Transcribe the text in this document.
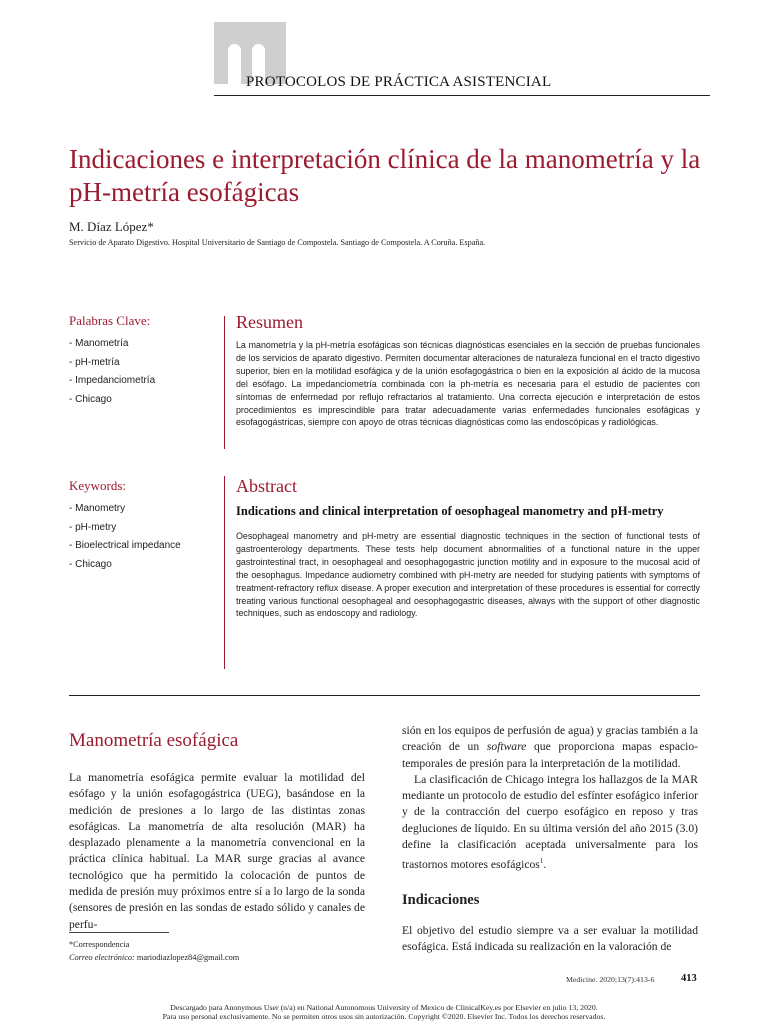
PROTOCOLOS DE PRÁCTICA ASISTENCIAL
Indicaciones e interpretación clínica de la manometría y la pH-metría esofágicas
M. Díaz López*
Servicio de Aparato Digestivo. Hospital Universitario de Santiago de Compostela. Santiago de Compostela. A Coruña. España.
Palabras Clave:
- Manometría
- pH-metría
- Impedanciometría
- Chicago
Keywords:
- Manometry
- pH-metry
- Bioelectrical impedance
- Chicago
Resumen

La manometría y la pH-metría esofágicas son técnicas diagnósticas esenciales en la sección de pruebas funcionales de los servicios de aparato digestivo. Permiten documentar alteraciones de naturaleza funcional en el tracto digestivo superior, bien en la motilidad esofágica y de la unión esofagogástrica o bien en la exposición al ácido de la mucosa del esófago. La impedanciometría combinada con la ph-metría es necesaria para el estudio de pacientes con síntomas de enfermedad por reflujo refractarios al tratamiento. Una correcta ejecución e interpretación de estos procedimientos es imprescindible para tratar adecuadamente varias enfermedades funcionales esofágicas y esofagogástricas, siempre con apoyo de otras técnicas diagnósticas como las endoscópicas y radiológicas.

Abstract
Indications and clinical interpretation of oesophageal manometry and pH-metry

Oesophageal manometry and pH-metry are essential diagnostic techniques in the section of functional tests of gastroenterology departments. These tests help document abnormalities of a functional nature in the upper gastrointestinal tract, in oesophageal and oesophagogastric junction motility and in exposure to the mucosal acid of the oesophagus. Impedance audiometry combined with pH-metry are needed for studying patients with symptoms of treatment-refractory reflux disease. A proper execution and interpretation of these procedures is essential for correctly treating various functional oesophageal and oesophagogastric diseases, always with the support of other diagnostic techniques, such as endoscopy and radiology.

Manometría esofágica

La manometría esofágica permite evaluar la motilidad del esófago y la unión esofagogástrica (UEG), basándose en la medición de presiones a lo largo de las distintas zonas esofágicas. La manometría de alta resolución (MAR) ha desplazado plenamente a la manometría convencional en la práctica clínica habitual. La MAR surge gracias al avance tecnológico que ha permitido la colocación de puntos de medida de presión muy próximos entre sí a lo largo de la sonda (sensores de presión en las sondas de estado sólido y canales de perfu-

sión en los equipos de perfusión de agua) y gracias también a la creación de un software que proporciona mapas espacio-temporales de presión para la interpretación de la motilidad.

La clasificación de Chicago integra los hallazgos de la MAR mediante un protocolo de estudio del esfínter esofágico inferior y de la contracción del cuerpo esofágico en reposo y tras degluciones de líquido. En su última versión del año 2015 (3.0) define la clasificación aceptada universalmente para los trastornos motores esofágicos$^1$.

Indicaciones

El objetivo del estudio siempre va a ser evaluar la motilidad esofágica. Está indicada su realización en la valoración de

*Correspondencia
Correo electrónico: mariodiazlopez84@gmail.com
Medicine. 2020;13(7):413-6	413
Descargado para Anonymous User (n/a) en National Autonomous University of Mexico de ClinicalKey.es por Elsevier en julio 13, 2020.
Para uso personal exclusivamente. No se permiten otros usos sin autorización. Copyright ©2020. Elsevier Inc. Todos los derechos reservados.
